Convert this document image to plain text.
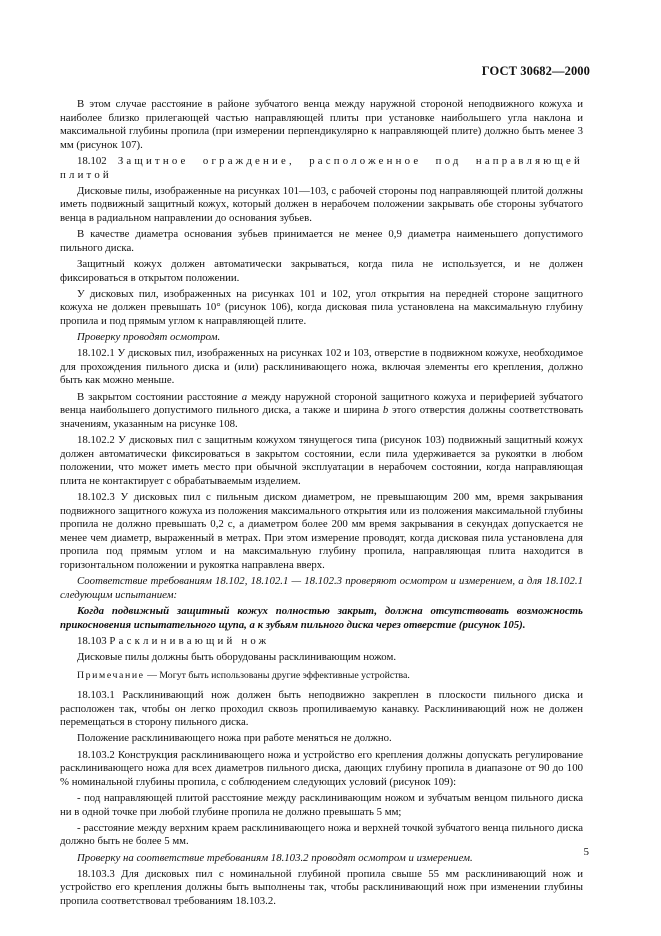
ГОСТ 30682—2000

В этом случае расстояние в районе зубчатого венца между наружной стороной неподвижного кожуха и наиболее близко прилегающей частью направляющей плиты при установке наибольшего угла наклона и максимальной глубины пропила (при измерении перпендикулярно к направляющей плите) должно быть менее 3 мм (рисунок 107).

18.102 Защитное ограждение, расположенное под направляющей плитой

Дисковые пилы, изображенные на рисунках 101—103, с рабочей стороны под направляющей плитой должны иметь подвижный защитный кожух, который должен в нерабочем положении закрывать обе стороны зубчатого венца в радиальном направлении до основания зубьев.

В качестве диаметра основания зубьев принимается не менее 0,9 диаметра наименьшего допустимого пильного диска.

Защитный кожух должен автоматически закрываться, когда пила не используется, и не должен фиксироваться в открытом положении.

У дисковых пил, изображенных на рисунках 101 и 102, угол открытия на передней стороне защитного кожуха не должен превышать 10° (рисунок 106), когда дисковая пила установлена на максимальную глубину пропила и под прямым углом к направляющей плите.

Проверку проводят осмотром.

18.102.1 У дисковых пил, изображенных на рисунках 102 и 103, отверстие в подвижном кожухе, необходимое для прохождения пильного диска и (или) расклинивающего ножа, включая элементы его крепления, должно быть как можно меньше.

В закрытом состоянии расстояние a между наружной стороной защитного кожуха и периферией зубчатого венца наибольшего допустимого пильного диска, а также и ширина b этого отверстия должны соответствовать значениям, указанным на рисунке 108.

18.102.2 У дисковых пил с защитным кожухом тянущегося типа (рисунок 103) подвижный защитный кожух должен автоматически фиксироваться в закрытом состоянии, если пила удерживается за рукоятки в любом положении, что может иметь место при обычной эксплуатации в нерабочем состоянии, когда направляющая плита не контактирует с обрабатываемым изделием.

18.102.3 У дисковых пил с пильным диском диаметром, не превышающим 200 мм, время закрывания подвижного защитного кожуха из положения максимального открытия или из положения максимальной глубины пропила не должно превышать 0,2 с, а диаметром более 200 мм время закрывания в секундах допускается не менее чем диаметр, выраженный в метрах. При этом измерение проводят, когда дисковая пила установлена для пропила под прямым углом и на максимальную глубину пропила, направляющая плита находится в горизонтальном положении и рукоятка направлена вверх.

Соответствие требованиям 18.102, 18.102.1 — 18.102.3 проверяют осмотром и измерением, а для 18.102.1 следующим испытанием:

Когда подвижный защитный кожух полностью закрыт, должна отсутствовать возможность прикосновения испытательного щупа, а к зубьям пильного диска через отверстие (рисунок 105).

18.103 Расклинивающий нож

Дисковые пилы должны быть оборудованы расклинивающим ножом.

Примечание — Могут быть использованы другие эффективные устройства.

18.103.1 Расклинивающий нож должен быть неподвижно закреплен в плоскости пильного диска и расположен так, чтобы он легко проходил сквозь пропиливаемую канавку. Расклинивающий нож не должен перемещаться в сторону пильного диска.

Положение расклинивающего ножа при работе меняться не должно.

18.103.2 Конструкция расклинивающего ножа и устройство его крепления должны допускать регулирование расклинивающего ножа для всех диаметров пильного диска, дающих глубину пропила в диапазоне от 90 до 100 % номинальной глубины пропила, с соблюдением следующих условий (рисунок 109):

- под направляющей плитой расстояние между расклинивающим ножом и зубчатым венцом пильного диска ни в одной точке при любой глубине пропила не должно превышать 5 мм;

- расстояние между верхним краем расклинивающего ножа и верхней точкой зубчатого венца пильного диска должно быть не более 5 мм.

Проверку на соответствие требованиям 18.103.2 проводят осмотром и измерением.

18.103.3 Для дисковых пил с номинальной глубиной пропила свыше 55 мм расклинивающий нож и устройство его крепления должны быть выполнены так, чтобы расклинивающий нож при изменении глубины пропила соответствовал требованиям 18.103.2.

5
